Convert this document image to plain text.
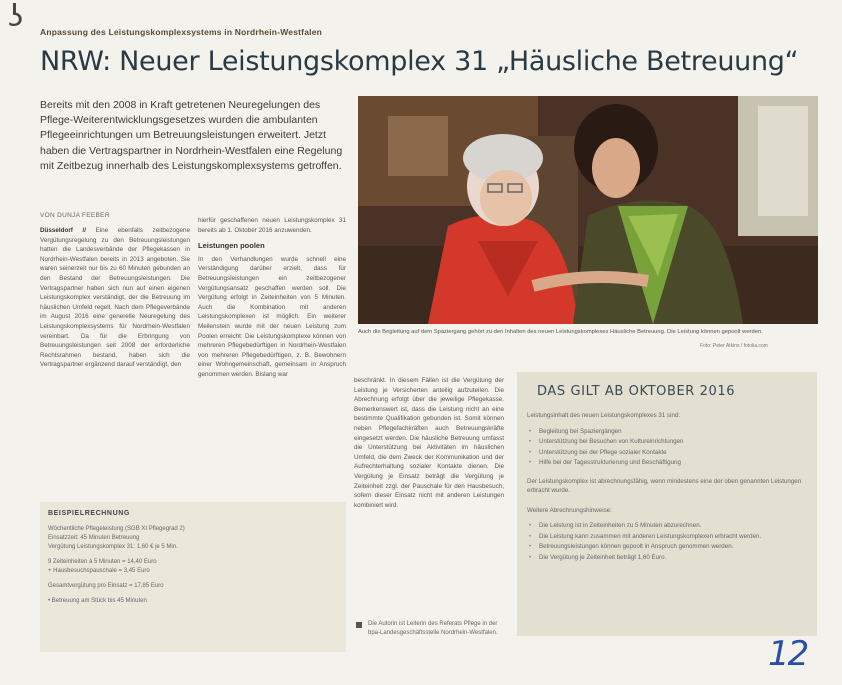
ʖ Anpassung des Leistungskomplexsystems in Nordrhein-Westfalen
NRW: Neuer Leistungskomplex 31 „Häusliche Betreuung“
Bereits mit den 2008 in Kraft getretenen Neuregelungen des Pflege-Weiterentwicklungsgesetzes wurden die ambulanten Pflegeeinrichtungen um Betreuungsleistungen erweitert. Jetzt haben die Vertragspartner in Nordrhein-Westfalen eine Regelung mit Zeitbezug innerhalb des Leistungskomplexsystems getroffen.
VON DUNJA FEEBER
Düsseldorf // Eine ebenfalls zeitbezogene Vergütungsregelung zu den Betreuungsleistungen hatten die Landesverbände der Pflegekassen in Nordrhein-Westfalen bereits in 2013 angeboten. Sie waren seinerzeit nur bis zu 60 Minuten gebunden an den Bestand der Betreuungsleistungen. Die Vertragspartner haben sich nun auf einen eigenen Leistungskomplex verständigt, der die Betreuung im häuslichen Umfeld regelt. Nach dem Pflegeverbände im August 2016 eine generelle Neuregelung des Leistungskomplexsystems für Nordrhein-Westfalen vereinbart. Da für die Erbringung von Betreuungsleistungen seit 2008 der erforderliche Rechtsrahmen bestand, haben sich die Vertragspartner ergänzend darauf verständigt, den
hierfür geschaffenen neuen Leistungskomplex 31 bereits ab 1. Oktober 2016 anzuwenden.
Leistungen poolen
In den Verhandlungen wurde schnell eine Verständigung darüber erzielt, dass für Betreuungsleistungen ein zeitbezogener Vergütungsansatz geschaffen werden soll. Die Vergütung erfolgt in Zeiteinheiten von 5 Minuten. Auch die Kombination mit anderen Leistungskomplexen ist möglich. Ein weiterer Meilenstein wurde mit der neuen Leistung zum Poolen erreicht: Die Leistungskomplexe können von mehreren Pflegebedürftigen in Nordrhein-Westfalen von mehreren Pflegebedürftigen, z. B. Bewohnern einer Wohngemeinschaft, gemeinsam in Anspruch genommen werden. Bislang war
Auch die Begleitung auf dem Spaziergang gehört zu den Inhalten des neuen Leistungskomplexes Häusliche Betreuung. Die Leistung können gepoolt werden.
Foto: Peter Atkins / fotolia.com
beschränkt. In diesem Fällen ist die Vergütung der Leistung je Versicherten anteilig aufzuteilen. Die Abrechnung erfolgt über die jeweilige Pflegekasse. Bemerkenswert ist, dass die Leistung nicht an eine bestimmte Qualifikation gebunden ist. Somit können neben Pflegefachkräften auch Betreuungskräfte eingesetzt werden. Die häusliche Betreuung umfasst die Unterstützung bei Aktivitäten im häuslichen Umfeld, die dem Zweck der Kommunikation und der Aufrechterhaltung sozialer Kontakte dienen. Die Vergütung je Einsatz beträgt die Vergütung je Zeiteinheit zzgl. der Pauschale für den Hausbesuch, sofern dieser Einsatz nicht mit anderen Leistungen kombiniert wird.
Die Autorin ist Leiterin des Referats Pflege in der bpa-Landesgeschäftsstelle Nordrhein-Westfalen.
BEISPIELRECHNUNG
Wöchentliche Pflegeleistung (SGB XI Pflegegrad 2)
Einsatzzeit: 45 Minuten Betreuung
Vergütung Leistungskomplex 31: 1,60 € je 5 Min.
9 Zeiteinheiten à 5 Minuten = 14,40 Euro
+ Hausbesuchspauschale = 3,45 Euro
Gesamtvergütung pro Einsatz = 17,85 Euro
• Betreuung am Stück bis 45 Minuten
DAS GILT AB OKTOBER 2016
Leistungsinhalt des neuen Leistungskomplexes 31 sind:
• Begleitung bei Spaziergängen
• Unterstützung bei Besuchen von Kultureinrichtungen
• Unterstützung bei der Pflege sozialer Kontakte
• Hilfe bei der Tagesstrukturierung und Beschäftigung
Der Leistungskomplex ist abrechnungsfähig, wenn mindestens eine der oben genannten Leistungen erbracht wurde.
Weitere Abrechnungshinweise:
• Die Leistung ist in Zeiteinheiten zu 5 Minuten abzurechnen.
• Die Leistung kann zusammen mit anderen Leistungskomplexen erbracht werden.
• Betreuungsleistungen können gepoolt in Anspruch genommen werden.
• Die Vergütung je Zeiteinheit beträgt 1,60 Euro.
12
